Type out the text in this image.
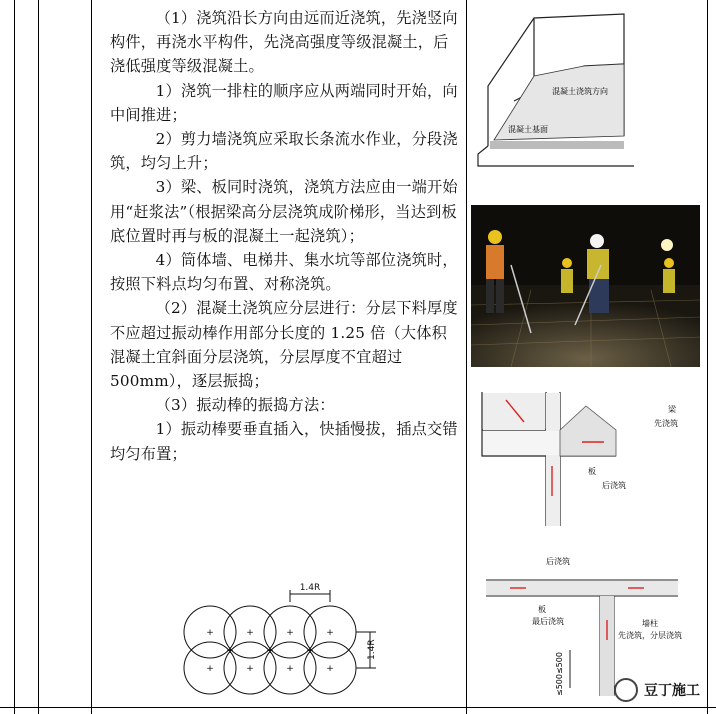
（1）浇筑沿长方向由远而近浇筑，先浇竖向构件，再浇水平构件，先浇高强度等级混凝土，后浇低强度等级混凝土。

1）浇筑一排柱的顺序应从两端同时开始，向中间推进；

2）剪力墙浇筑应采取长条流水作业，分段浇筑，均匀上升；

3）梁、板同时浇筑，浇筑方法应由一端开始用“赶浆法”（根据梁高分层浇筑成阶梯形，当达到板底位置时再与板的混凝土一起浇筑）；

4）筒体墙、电梯井、集水坑等部位浇筑时，按照下料点均匀布置、对称浇筑。

（2）混凝土浇筑应分层进行：分层下料厚度不应超过振动棒作用部分长度的 1.25 倍（大体积混凝土宜斜面分层浇筑，分层厚度不宜超过 500mm），逐层振捣；

（3）振动棒的振捣方法：

1）振动棒要垂直插入，快插慢拔，插点交错均匀布置；

+	+	+	+
+	+	+
+	+	+	+
1.4R
1.4R
混凝土浇筑方向
混凝土基面
梁
先浇筑
板
后浇筑
后浇筑
板
最后浇筑	墙柱
先浇筑，分层浇筑
≤500≤500	豆丁施工
